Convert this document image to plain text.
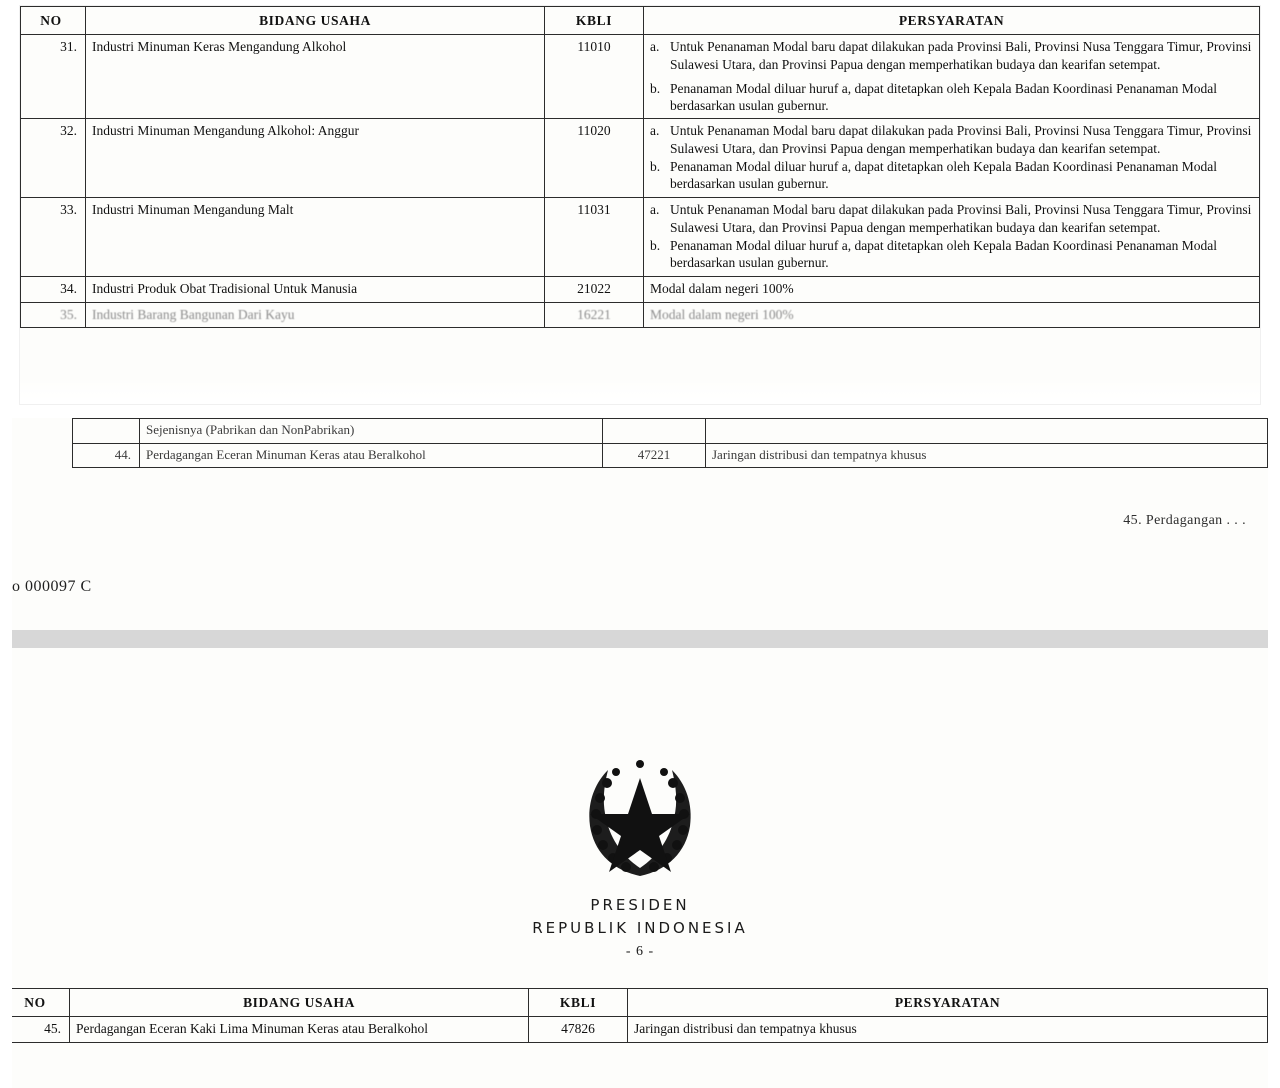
NO	BIDANG USAHA	KBLI	PERSYARATAN
31.	Industri Minuman Keras Mengandung Alkohol	11010	a. Untuk Penanaman Modal baru dapat dilakukan pada Provinsi Bali, Provinsi Nusa Tenggara Timur, Provinsi Sulawesi Utara, dan Provinsi Papua dengan memperhatikan budaya dan kearifan setempat.
b. Penanaman Modal diluar huruf a, dapat ditetapkan oleh Kepala Badan Koordinasi Penanaman Modal berdasarkan usulan gubernur.

32.	Industri Minuman Mengandung Alkohol: Anggur	11020	a. Untuk Penanaman Modal baru dapat dilakukan pada Provinsi Bali, Provinsi Nusa Tenggara Timur, Provinsi Sulawesi Utara, dan Provinsi Papua dengan memperhatikan budaya dan kearifan setempat.
b. Penanaman Modal diluar huruf a, dapat ditetapkan oleh Kepala Badan Koordinasi Penanaman Modal berdasarkan usulan gubernur.

33.	Industri Minuman Mengandung Malt	11031	a. Untuk Penanaman Modal baru dapat dilakukan pada Provinsi Bali, Provinsi Nusa Tenggara Timur, Provinsi Sulawesi Utara, dan Provinsi Papua dengan memperhatikan budaya dan kearifan setempat.
b. Penanaman Modal diluar huruf a, dapat ditetapkan oleh Kepala Badan Koordinasi Penanaman Modal berdasarkan usulan gubernur.

34.	Industri Produk Obat Tradisional Untuk Manusia	21022	Modal dalam negeri 100%
35.	Industri Barang Bangunan Dari Kayu	16221	Modal dalam negeri 100%
	Sejenisnya (Pabrikan dan NonPabrikan)		
44.	Perdagangan Eceran Minuman Keras atau Beralkohol	47221	Jaringan distribusi dan tempatnya khusus
45. Perdagangan . . .
o 000097 C
PRESIDEN
REPUBLIK INDONESIA
- 6 -
NO	BIDANG USAHA	KBLI	PERSYARATAN
45.	Perdagangan Eceran Kaki Lima Minuman Keras atau Beralkohol	47826	Jaringan distribusi dan tempatnya khusus
